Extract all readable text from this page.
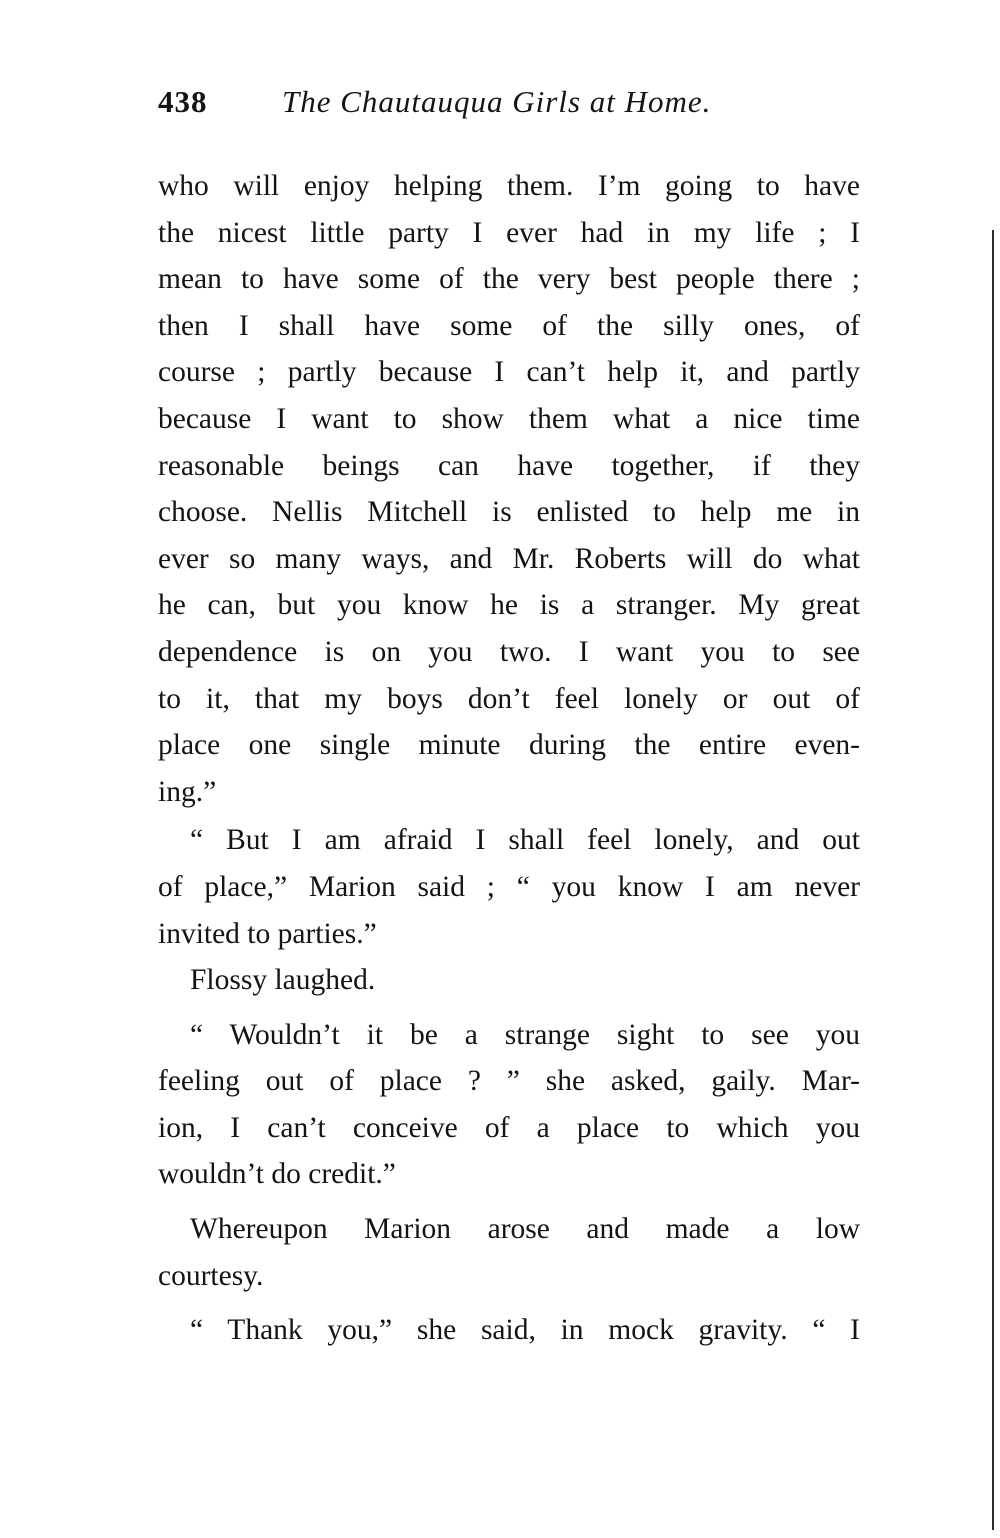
438 The Chautauqua Girls at Home.
who will enjoy helping them. I’m going to have
the nicest little party I ever had in my life ; I
mean to have some of the very best people there ;
then I shall have some of the silly ones, of
course ; partly because I can’t help it, and partly
because I want to show them what a nice time
reasonable beings can have together, if they
choose. Nellis Mitchell is enlisted to help me in
ever so many ways, and Mr. Roberts will do what
he can, but you know he is a stranger. My great
dependence is on you two. I want you to see
to it, that my boys don’t feel lonely or out of
place one single minute during the entire even-
ing.”
“ But I am afraid I shall feel lonely, and out
of place,” Marion said ; “ you know I am never
invited to parties.”
Flossy laughed.
“ Wouldn’t it be a strange sight to see you
feeling out of place ? ” she asked, gaily. Mar-
ion, I can’t conceive of a place to which you
wouldn’t do credit.”
Whereupon Marion arose and made a low
courtesy.
“ Thank you,” she said, in mock gravity. “ I
